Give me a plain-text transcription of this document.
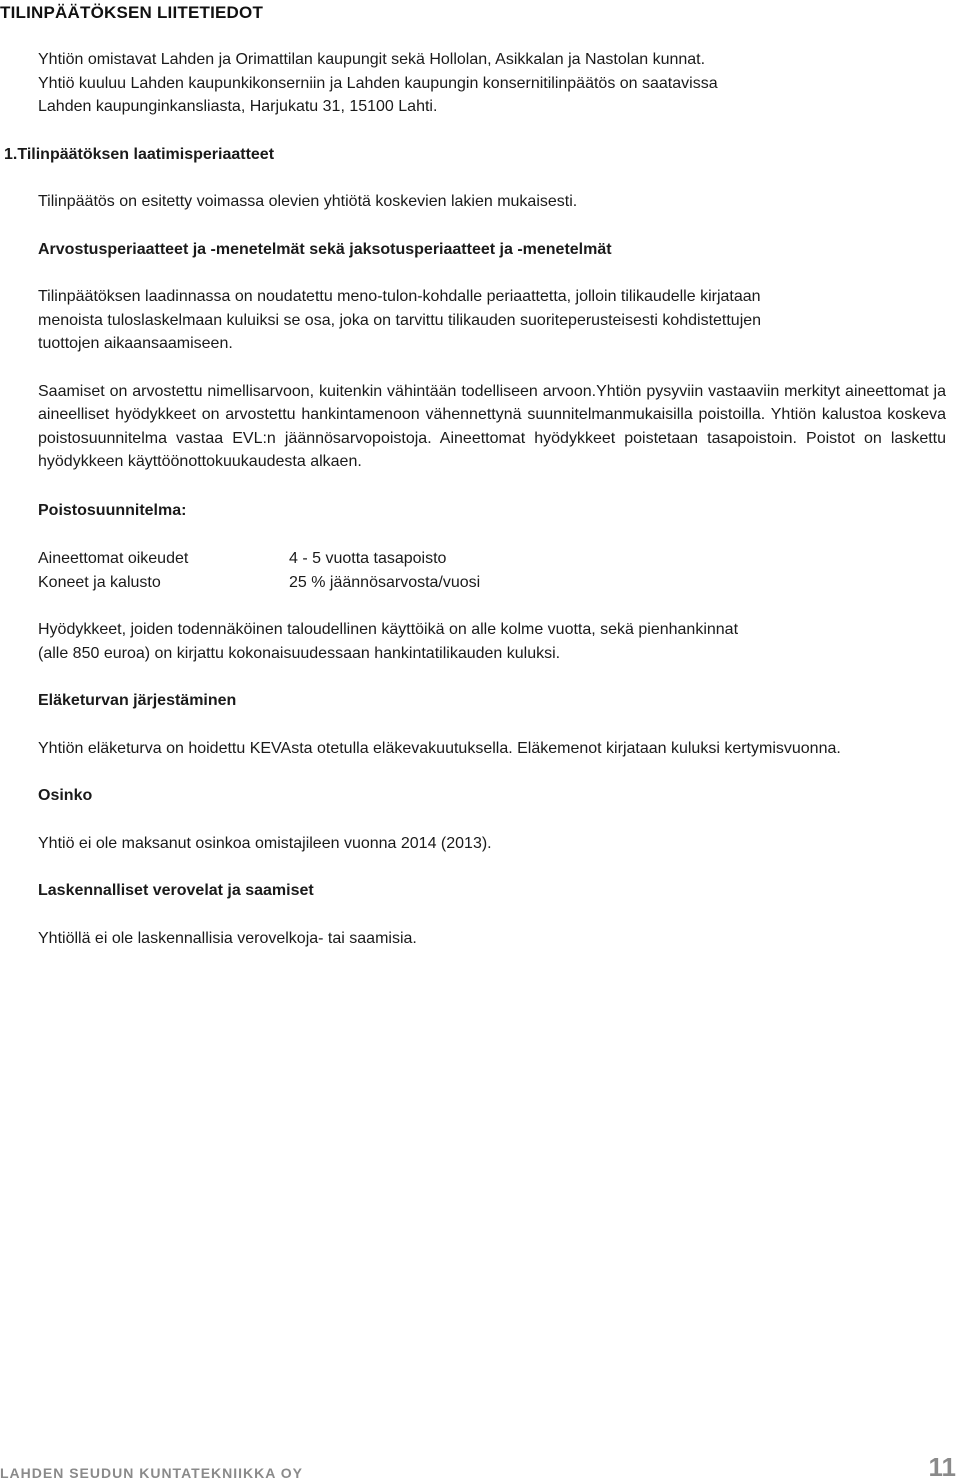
TILINPÄÄTÖKSEN LIITETIEDOT

Yhtiön omistavat Lahden ja Orimattilan kaupungit sekä Hollolan, Asikkalan ja Nastolan kunnat.

Yhtiö kuuluu Lahden kaupunkikonserniin ja Lahden kaupungin konsernitilinpäätös on saatavissa

Lahden kaupunginkansliasta, Harjukatu 31, 15100 Lahti.

1.Tilinpäätöksen laatimisperiaatteet

Tilinpäätös on esitetty voimassa olevien yhtiötä koskevien lakien mukaisesti.

Arvostusperiaatteet ja -menetelmät sekä jaksotusperiaatteet ja -menetelmät

Tilinpäätöksen laadinnassa on noudatettu meno-tulon-kohdalle periaattetta, jolloin tilikaudelle kirjataan menoista tuloslaskelmaan kuluiksi se osa, joka on tarvittu tilikauden suoriteperusteisesti kohdistettujen tuottojen aikaansaamiseen.

Saamiset on arvostettu nimellisarvoon, kuitenkin vähintään todelliseen arvoon.Yhtiön pysyviin vastaaviin merkityt aineettomat ja aineelliset hyödykkeet on arvostettu hankintamenoon vähennettynä suunnitelmanmukaisilla poistoilla. Yhtiön kalustoa koskeva poistosuunnitelma vastaa EVL:n jäännösarvopoistoja. Aineettomat hyödykkeet poistetaan tasapoistoin. Poistot on laskettu hyödykkeen käyttöönottokuukaudesta alkaen.

Poistosuunnitelma:

Aineettomat oikeudet	4 - 5 vuotta tasapoisto
Koneet ja kalusto	25 % jäännösarvosta/vuosi

Hyödykkeet, joiden todennäköinen taloudellinen käyttöikä on alle kolme vuotta, sekä pienhankinnat (alle 850 euroa) on kirjattu kokonaisuudessaan hankintatilikauden kuluksi.

Eläketurvan järjestäminen

Yhtiön eläketurva on hoidettu KEVAsta otetulla eläkevakuutuksella. Eläkemenot kirjataan kuluksi kertymisvuonna.

Osinko

Yhtiö ei ole maksanut osinkoa omistajileen vuonna 2014 (2013).

Laskennalliset verovelat ja saamiset

Yhtiöllä ei ole laskennallisia verovelkoja- tai saamisia.

LAHDEN SEUDUN KUNTATEKNIIKKA OY	11
